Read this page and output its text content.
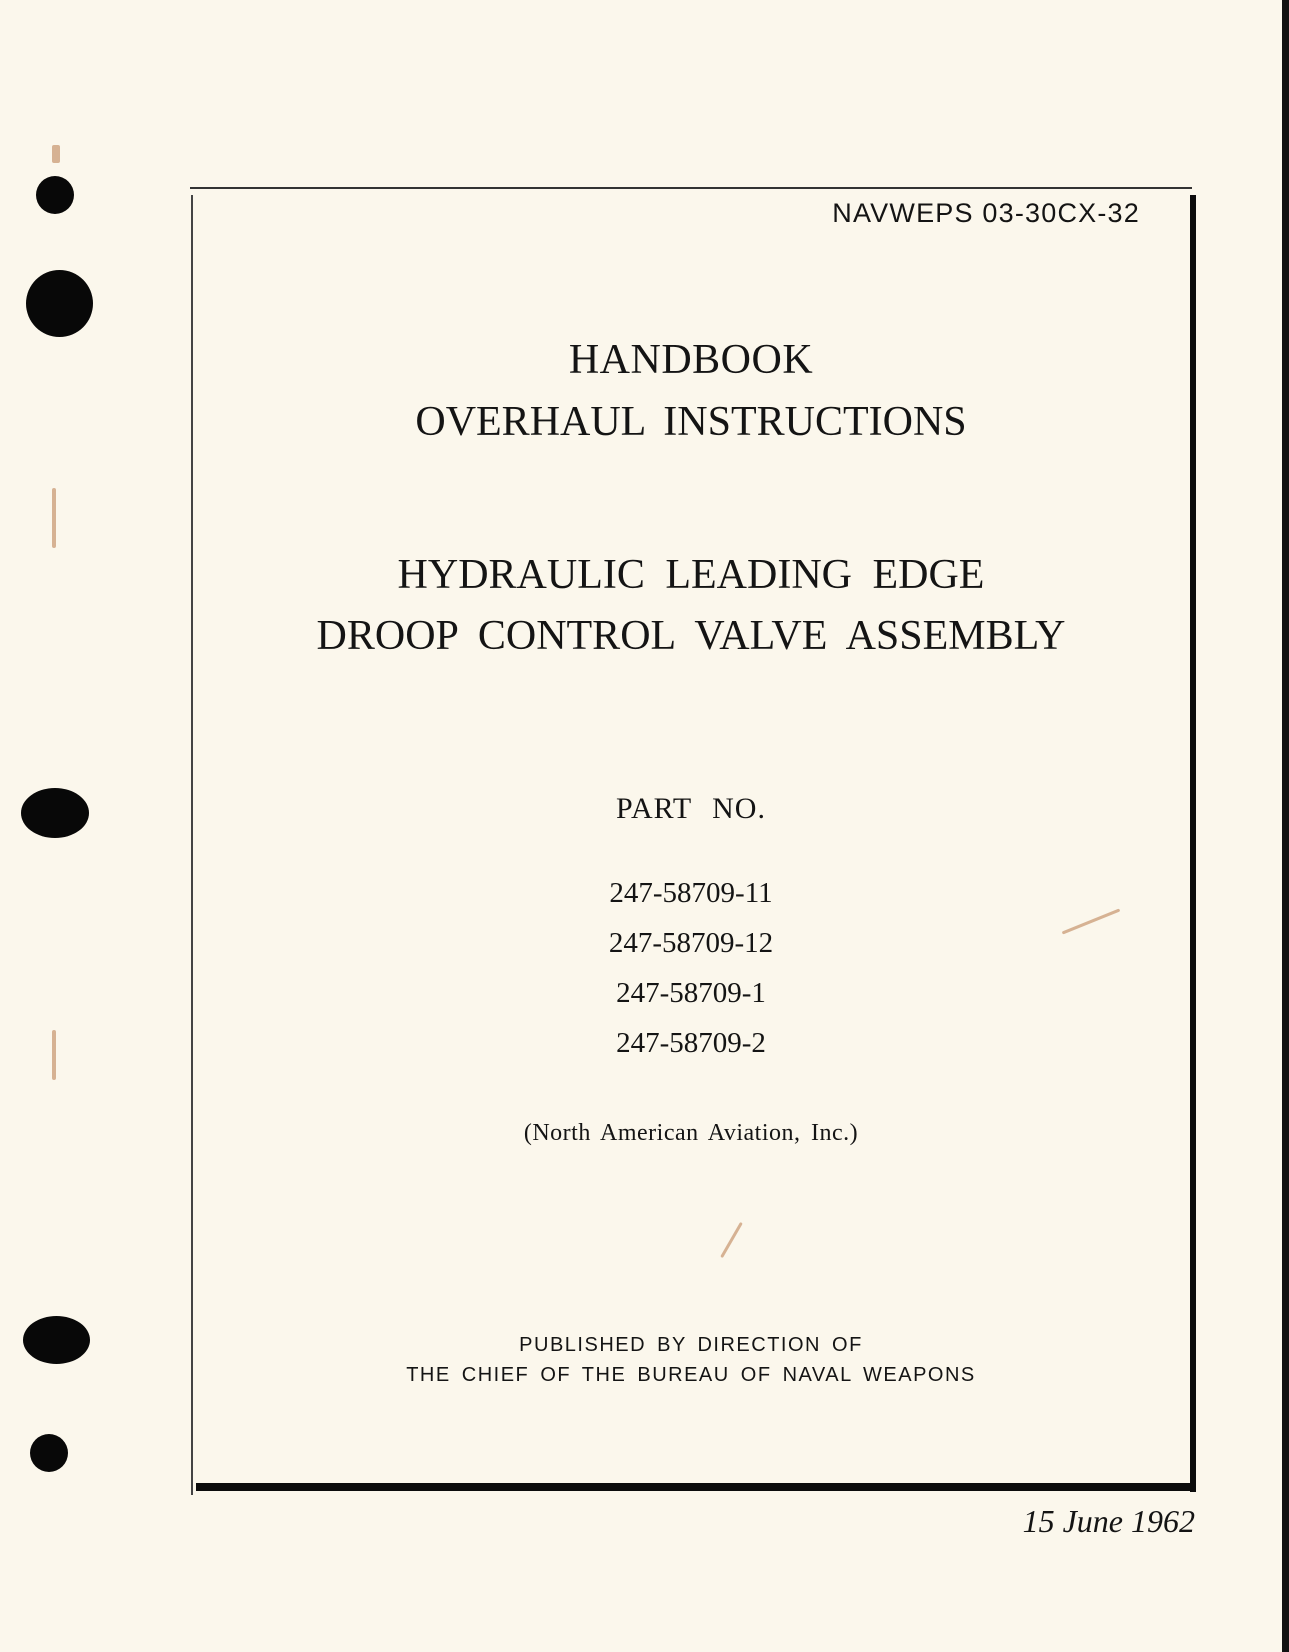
NAVWEPS 03-30CX-32
HANDBOOK
OVERHAUL INSTRUCTIONS
HYDRAULIC LEADING EDGE
DROOP CONTROL VALVE ASSEMBLY
PART NO.
247-58709-11
247-58709-12
247-58709-1
247-58709-2
(North American Aviation, Inc.)
PUBLISHED BY DIRECTION OF
THE CHIEF OF THE BUREAU OF NAVAL WEAPONS
15 June 1962
